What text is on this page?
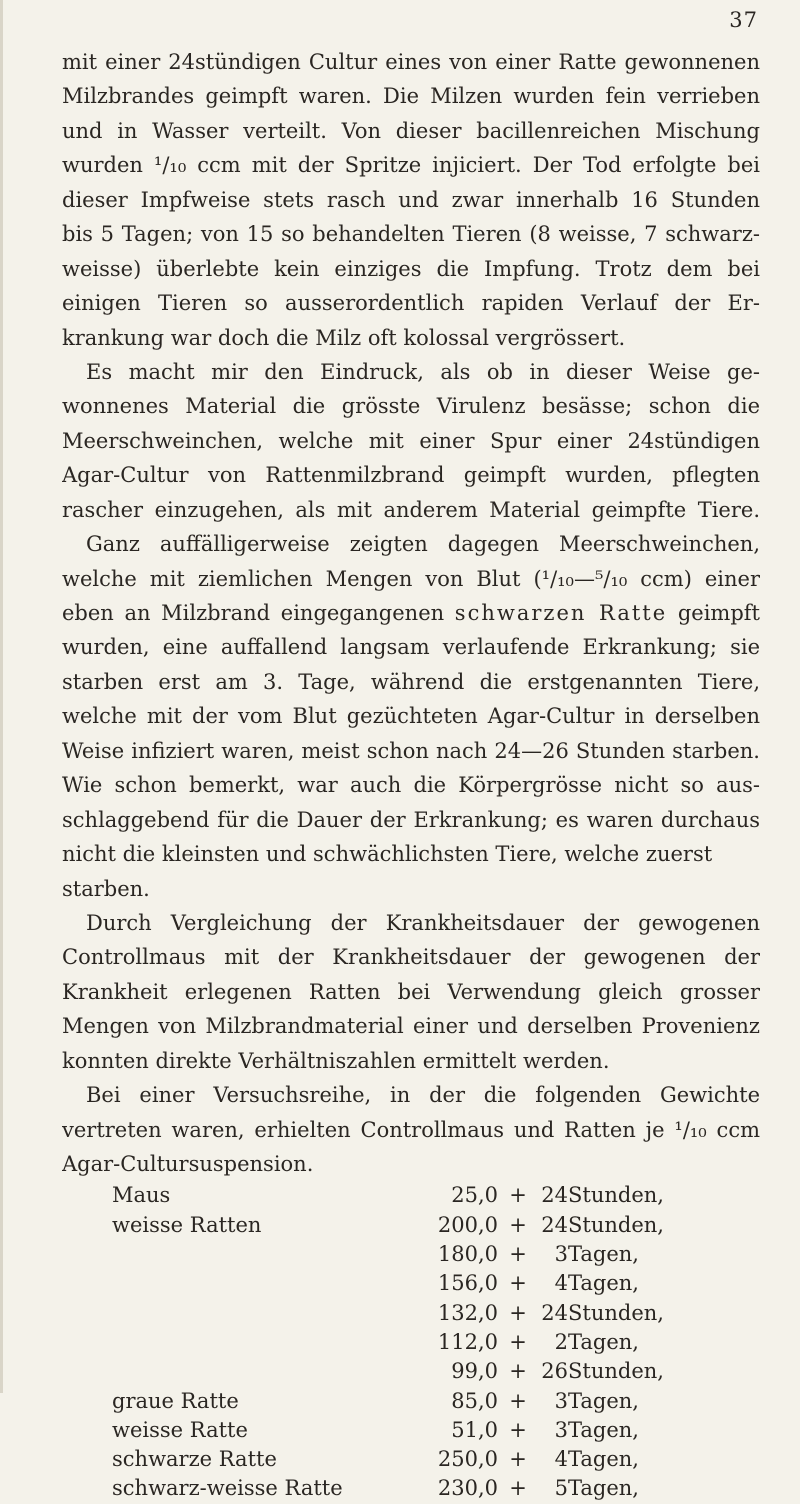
37
mit einer 24stündigen Cultur eines von einer Ratte gewonnenen
Milzbrandes geimpft waren. Die Milzen wurden fein verrieben
und in Wasser verteilt. Von dieser bacillenreichen Mischung
wurden ¹/₁₀ ccm mit der Spritze injiciert. Der Tod erfolgte bei
dieser Impfweise stets rasch und zwar innerhalb 16 Stunden
bis 5 Tagen; von 15 so behandelten Tieren (8 weisse, 7 schwarz-
weisse) überlebte kein einziges die Impfung. Trotz dem bei
einigen Tieren so ausserordentlich rapiden Verlauf der Er-
krankung war doch die Milz oft kolossal vergrössert.
Es macht mir den Eindruck, als ob in dieser Weise ge-
wonnenes Material die grösste Virulenz besässe; schon die
Meerschweinchen, welche mit einer Spur einer 24stündigen
Agar-Cultur von Rattenmilzbrand geimpft wurden, pflegten
rascher einzugehen, als mit anderem Material geimpfte Tiere.
Ganz auffälligerweise zeigten dagegen Meerschweinchen,
welche mit ziemlichen Mengen von Blut (¹/₁₀—⁵/₁₀ ccm) einer
eben an Milzbrand eingegangenen schwarzen Ratte geimpft
wurden, eine auffallend langsam verlaufende Erkrankung; sie
starben erst am 3. Tage, während die erstgenannten Tiere,
welche mit der vom Blut gezüchteten Agar-Cultur in derselben
Weise infiziert waren, meist schon nach 24—26 Stunden starben.
Wie schon bemerkt, war auch die Körpergrösse nicht so aus-
schlaggebend für die Dauer der Erkrankung; es waren durchaus
nicht die kleinsten und schwächlichsten Tiere, welche zuerst
starben.
Durch Vergleichung der Krankheitsdauer der gewogenen
Controllmaus mit der Krankheitsdauer der gewogenen der
Krankheit erlegenen Ratten bei Verwendung gleich grosser
Mengen von Milzbrandmaterial einer und derselben Provenienz
konnten direkte Verhältniszahlen ermittelt werden.
Bei einer Versuchsreihe, in der die folgenden Gewichte
vertreten waren, erhielten Controllmaus und Ratten je ¹/₁₀ ccm
Agar-Cultursuspension.
Maus	25,0	+	24	Stunden,
weisse Ratten	200,0	+	24	Stunden,
	180,0	+	3	Tagen,
	156,0	+	4	Tagen,
	132,0	+	24	Stunden,
	112,0	+	2	Tagen,
	99,0	+	26	Stunden,
graue Ratte	85,0	+	3	Tagen,
weisse Ratte	51,0	+	3	Tagen,
schwarze Ratte	250,0	+	4	Tagen,
schwarz-weisse Ratte	230,0	+	5	Tagen,
